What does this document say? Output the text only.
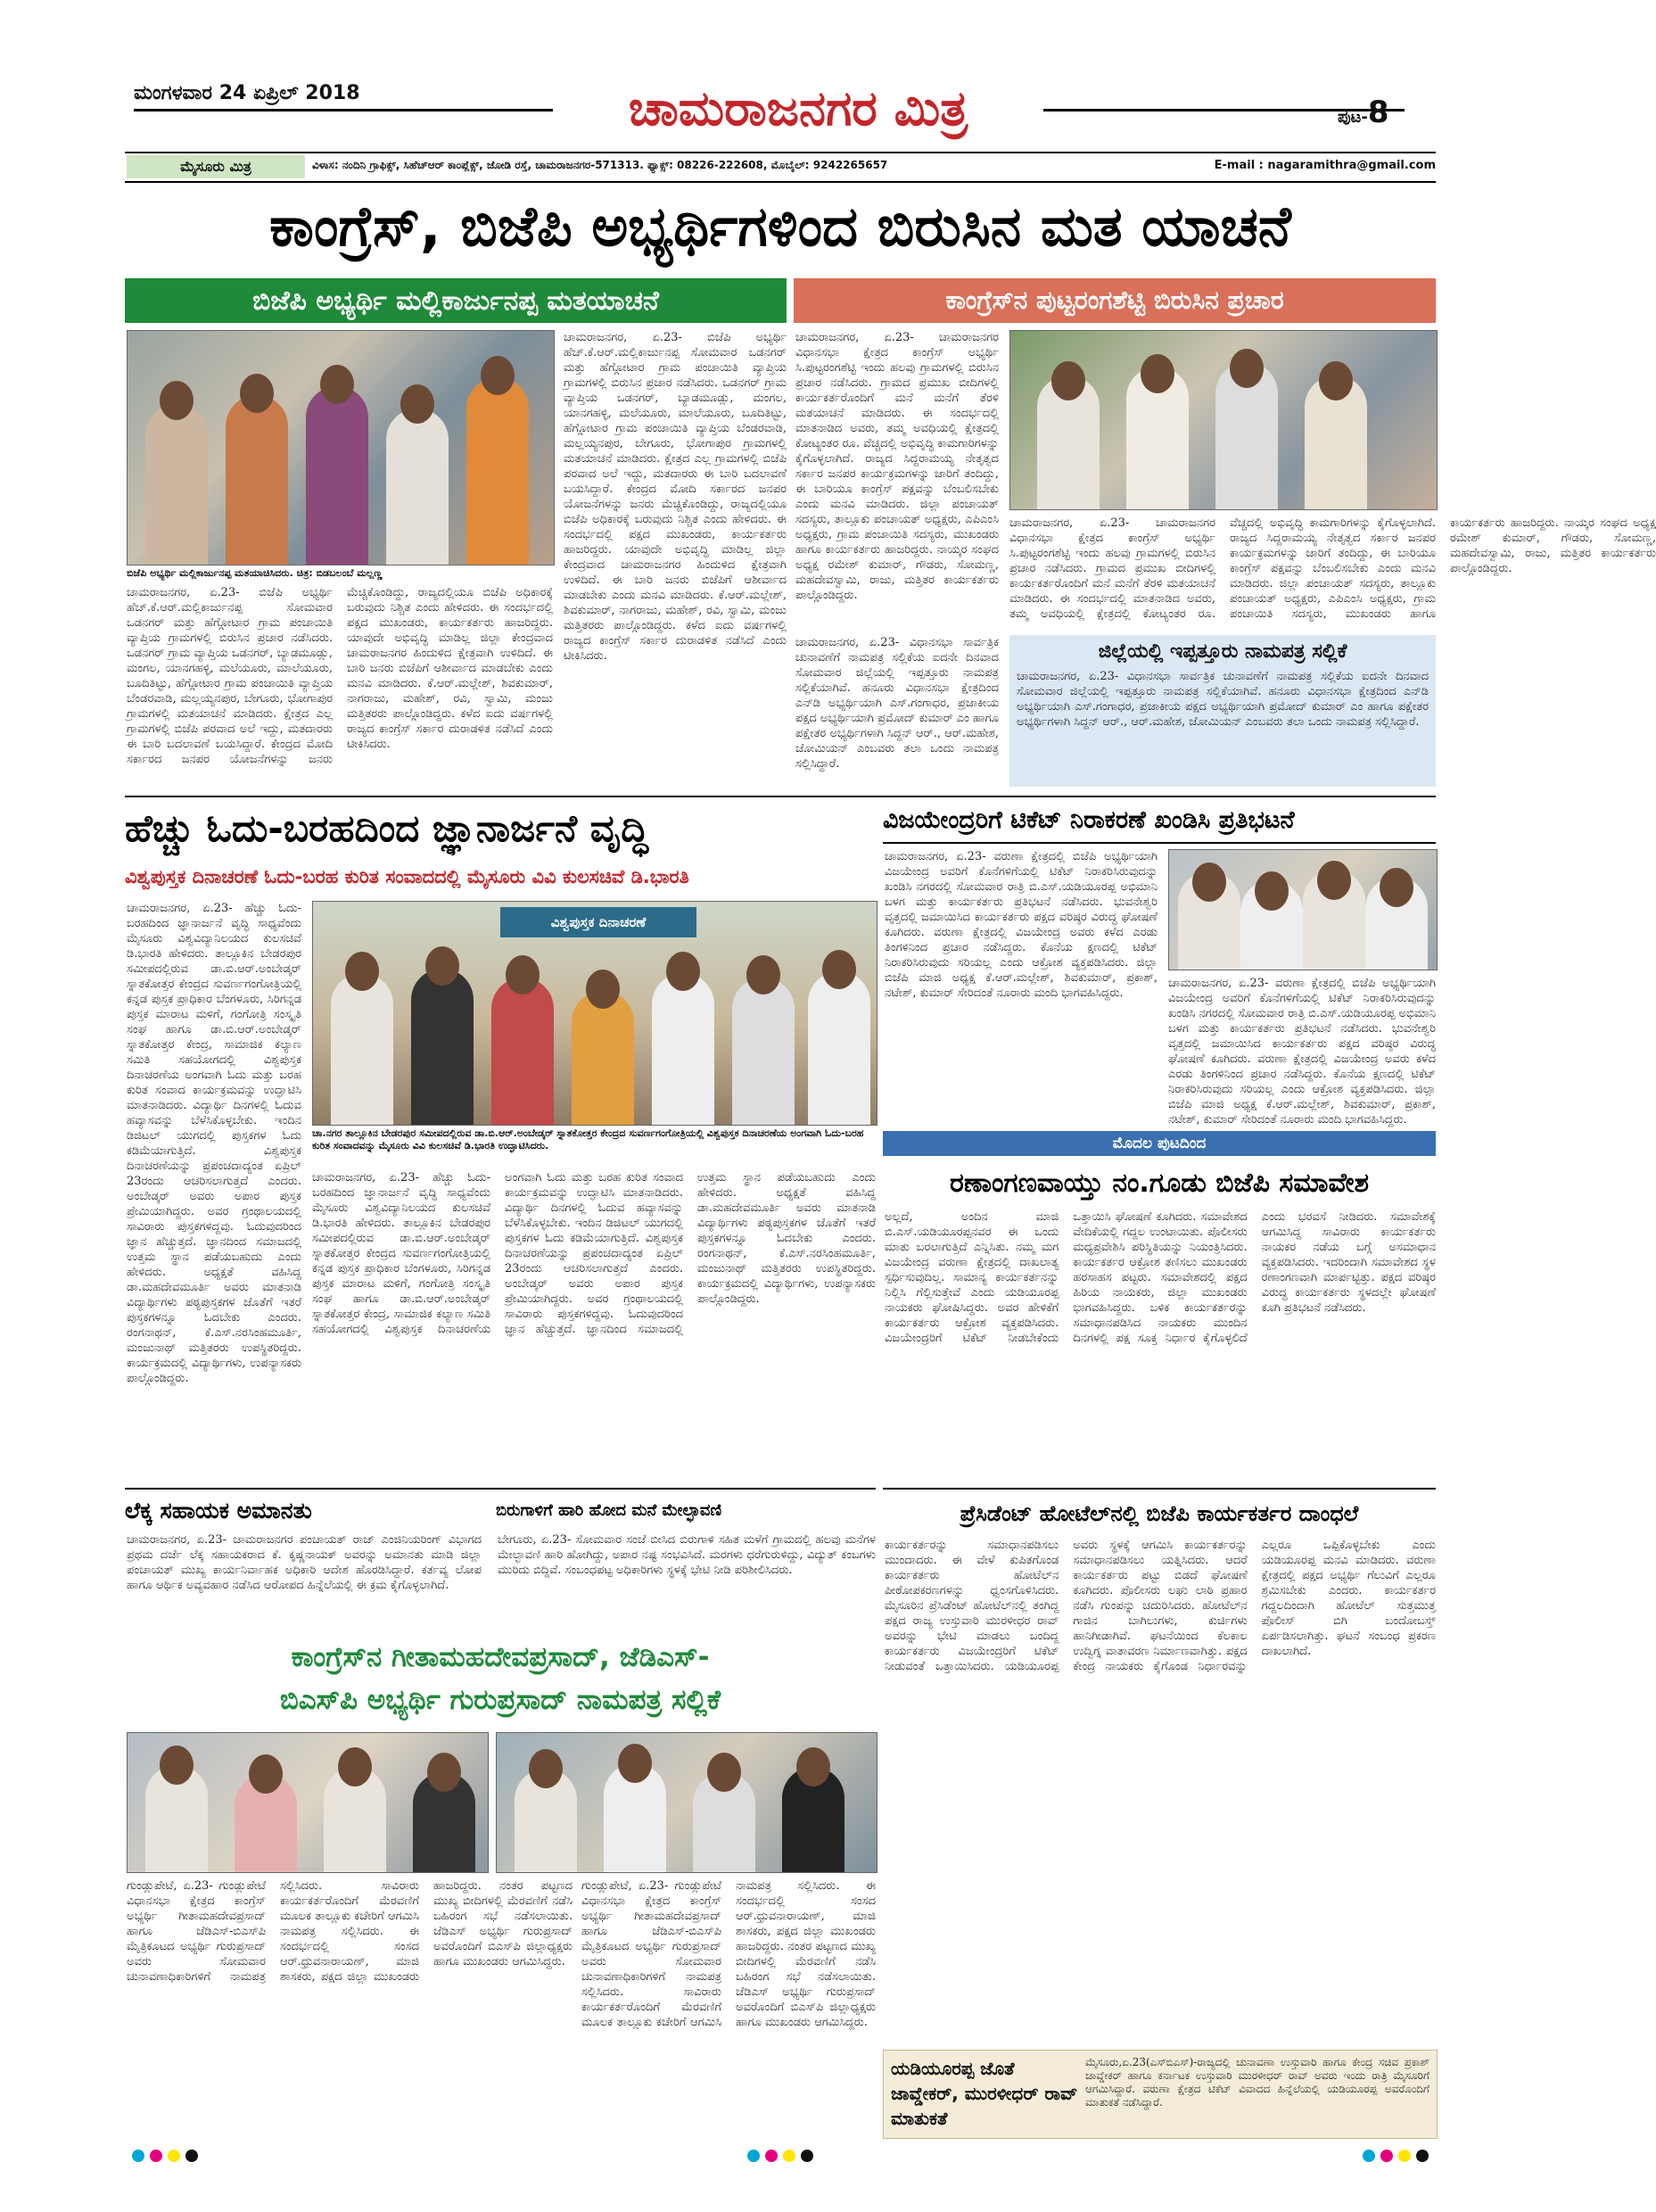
ಮಂಗಳವಾರ 24 ಏಪ್ರಿಲ್ 2018	ಚಾಮರಾಜನಗರ ಮಿತ್ರ	ಪುಟ-8
ಮೈಸೂರು ಮಿತ್ರ	ವಿಳಾಸ: ನಂದಿನಿ ಗ್ರಾಫಿಕ್ಸ್, ಸಿಹೆಚ್‌ಆರ್ ಕಾಂಪ್ಲೆಕ್ಸ್, ಜೋಡಿ ರಸ್ತೆ, ಚಾಮರಾಜನಗರ-571313. ಫ್ಯಾಕ್ಸ್: 08226-222608, ಮೊಬೈಲ್: 9242265657	E-mail : nagaramithra@gmail.com
ಕಾಂಗ್ರೆಸ್, ಬಿಜೆಪಿ ಅಭ್ಯರ್ಥಿಗಳಿಂದ ಬಿರುಸಿನ ಮತ ಯಾಚನೆ
ಬಿಜೆಪಿ ಅಭ್ಯರ್ಥಿ ಮಲ್ಲಿಕಾರ್ಜುನಪ್ಪ ಮತಯಾಚನೆ
ಬಿಜೆಪಿ ಅಭ್ಯರ್ಥಿ ಮಲ್ಲಿಕಾರ್ಜುನಪ್ಪ ಮತಯಾಚಿಸಿದರು. ಚಿತ್ರ: ಬಿಡಬಲಂಬೆ ಮಲ್ಲಣ್ಣ
ಚಾಮರಾಜನಗರ, ಏ.23- ಬಿಜೆಪಿ ಅಭ್ಯರ್ಥಿ ಹೆಚ್.ಕೆ.ಆರ್.ಮಲ್ಲಿಕಾರ್ಜುನಪ್ಪ ಸೋಮವಾರ ಒಡನಗರ್ ಮತ್ತು ಹೆಗ್ಗೋಟಾರ ಗ್ರಾಮ ಪಂಚಾಯಿತಿ ವ್ಯಾಪ್ತಿಯ ಗ್ರಾಮಗಳಲ್ಲಿ ಬಿರುಸಿನ ಪ್ರಚಾರ ನಡೆಸಿದರು. ಒಡನಗರ್ ಗ್ರಾಮ ವ್ಯಾಪ್ತಿಯ ಒಡನಗರ್, ಬ್ಯಾಡಮೂಡ್ಲು, ಮಂಗಲ, ಯಾನಗಹಳ್ಳಿ, ಮಲೆಯೂರು, ಮಾಲೆಯೂರು, ಬೂದಿತಿಟ್ಟು, ಹೆಗ್ಗೋಟಾರ ಗ್ರಾಮ ಪಂಚಾಯಿತಿ ವ್ಯಾಪ್ತಿಯ ಬೆಂಡರವಾಡಿ, ಮಲ್ಲಯ್ಯನಪುರ, ಬೇಗೂರು, ಭೋಗಾಪುರ ಗ್ರಾಮಗಳಲ್ಲಿ ಮತಯಾಚನೆ ಮಾಡಿದರು. ಕ್ಷೇತ್ರದ ಎಲ್ಲ ಗ್ರಾಮಗಳಲ್ಲಿ ಬಿಜೆಪಿ ಪರವಾದ ಅಲೆ ಇದ್ದು, ಮತದಾರರು ಈ ಬಾರಿ ಬದಲಾವಣೆ ಬಯಸಿದ್ದಾರೆ. ಕೇಂದ್ರದ ಮೋದಿ ಸರ್ಕಾರದ ಜನಪರ ಯೋಜನೆಗಳನ್ನು ಜನರು ಮೆಚ್ಚಿಕೊಂಡಿದ್ದು, ರಾಜ್ಯದಲ್ಲಿಯೂ ಬಿಜೆಪಿ ಅಧಿಕಾರಕ್ಕೆ ಬರುವುದು ನಿಶ್ಚಿತ ಎಂದು ಹೇಳಿದರು. ಈ ಸಂದರ್ಭದಲ್ಲಿ ಪಕ್ಷದ ಮುಖಂಡರು, ಕಾರ್ಯಕರ್ತರು ಹಾಜರಿದ್ದರು. ಯಾವುದೇ ಅಭಿವೃದ್ಧಿ ಮಾಡಿಲ್ಲ ಜಿಲ್ಲಾ ಕೇಂದ್ರವಾದ ಚಾಮರಾಜನಗರ ಹಿಂದುಳಿದ ಕ್ಷೇತ್ರವಾಗಿ ಉಳಿದಿದೆ. ಈ ಬಾರಿ ಜನರು ಬಿಜೆಪಿಗೆ ಆಶೀರ್ವಾದ ಮಾಡಬೇಕು ಎಂದು ಮನವಿ ಮಾಡಿದರು. ಕೆ.ಆರ್.ಮಲ್ಲೇಶ್, ಶಿವಕುಮಾರ್, ನಾಗರಾಜು, ಮಹೇಶ್, ರವಿ, ಸ್ವಾಮಿ, ಮಂಜು ಮತ್ತಿತರರು ಪಾಲ್ಗೊಂಡಿದ್ದರು. ಕಳೆದ ಐದು ವರ್ಷಗಳಲ್ಲಿ ರಾಜ್ಯದ ಕಾಂಗ್ರೆಸ್ ಸರ್ಕಾರ ದುರಾಡಳಿತ ನಡೆಸಿದೆ ಎಂದು ಟೀಕಿಸಿದರು.
ಚಾಮರಾಜನಗರ, ಏ.23- ಬಿಜೆಪಿ ಅಭ್ಯರ್ಥಿ ಹೆಚ್.ಕೆ.ಆರ್.ಮಲ್ಲಿಕಾರ್ಜುನಪ್ಪ ಸೋಮವಾರ ಒಡನಗರ್ ಮತ್ತು ಹೆಗ್ಗೋಟಾರ ಗ್ರಾಮ ಪಂಚಾಯಿತಿ ವ್ಯಾಪ್ತಿಯ ಗ್ರಾಮಗಳಲ್ಲಿ ಬಿರುಸಿನ ಪ್ರಚಾರ ನಡೆಸಿದರು. ಒಡನಗರ್ ಗ್ರಾಮ ವ್ಯಾಪ್ತಿಯ ಒಡನಗರ್, ಬ್ಯಾಡಮೂಡ್ಲು, ಮಂಗಲ, ಯಾನಗಹಳ್ಳಿ, ಮಲೆಯೂರು, ಮಾಲೆಯೂರು, ಬೂದಿತಿಟ್ಟು, ಹೆಗ್ಗೋಟಾರ ಗ್ರಾಮ ಪಂಚಾಯಿತಿ ವ್ಯಾಪ್ತಿಯ ಬೆಂಡರವಾಡಿ, ಮಲ್ಲಯ್ಯನಪುರ, ಬೇಗೂರು, ಭೋಗಾಪುರ ಗ್ರಾಮಗಳಲ್ಲಿ ಮತಯಾಚನೆ ಮಾಡಿದರು. ಕ್ಷೇತ್ರದ ಎಲ್ಲ ಗ್ರಾಮಗಳಲ್ಲಿ ಬಿಜೆಪಿ ಪರವಾದ ಅಲೆ ಇದ್ದು, ಮತದಾರರು ಈ ಬಾರಿ ಬದಲಾವಣೆ ಬಯಸಿದ್ದಾರೆ. ಕೇಂದ್ರದ ಮೋದಿ ಸರ್ಕಾರದ ಜನಪರ ಯೋಜನೆಗಳನ್ನು ಜನರು ಮೆಚ್ಚಿಕೊಂಡಿದ್ದು, ರಾಜ್ಯದಲ್ಲಿಯೂ ಬಿಜೆಪಿ ಅಧಿಕಾರಕ್ಕೆ ಬರುವುದು ನಿಶ್ಚಿತ ಎಂದು ಹೇಳಿದರು. ಈ ಸಂದರ್ಭದಲ್ಲಿ ಪಕ್ಷದ ಮುಖಂಡರು, ಕಾರ್ಯಕರ್ತರು ಹಾಜರಿದ್ದರು. ಯಾವುದೇ ಅಭಿವೃದ್ಧಿ ಮಾಡಿಲ್ಲ ಜಿಲ್ಲಾ ಕೇಂದ್ರವಾದ ಚಾಮರಾಜನಗರ ಹಿಂದುಳಿದ ಕ್ಷೇತ್ರವಾಗಿ ಉಳಿದಿದೆ. ಈ ಬಾರಿ ಜನರು ಬಿಜೆಪಿಗೆ ಆಶೀರ್ವಾದ ಮಾಡಬೇಕು ಎಂದು ಮನವಿ ಮಾಡಿದರು. ಕೆ.ಆರ್.ಮಲ್ಲೇಶ್, ಶಿವಕುಮಾರ್, ನಾಗರಾಜು, ಮಹೇಶ್, ರವಿ, ಸ್ವಾಮಿ, ಮಂಜು ಮತ್ತಿತರರು ಪಾಲ್ಗೊಂಡಿದ್ದರು. ಕಳೆದ ಐದು ವರ್ಷಗಳಲ್ಲಿ ರಾಜ್ಯದ ಕಾಂಗ್ರೆಸ್ ಸರ್ಕಾರ ದುರಾಡಳಿತ ನಡೆಸಿದೆ ಎಂದು ಟೀಕಿಸಿದರು.
ಕಾಂಗ್ರೆಸ್‌ನ ಪುಟ್ಟರಂಗಶೆಟ್ಟಿ ಬಿರುಸಿನ ಪ್ರಚಾರ
ಚಾಮರಾಜನಗರ, ಏ.23- ಚಾಮರಾಜನಗರ ವಿಧಾನಸಭಾ ಕ್ಷೇತ್ರದ ಕಾಂಗ್ರೆಸ್ ಅಭ್ಯರ್ಥಿ ಸಿ.ಪುಟ್ಟರಂಗಶೆಟ್ಟಿ ಇಂದು ಹಲವು ಗ್ರಾಮಗಳಲ್ಲಿ ಬಿರುಸಿನ ಪ್ರಚಾರ ನಡೆಸಿದರು. ಗ್ರಾಮದ ಪ್ರಮುಖ ಬೀದಿಗಳಲ್ಲಿ ಕಾರ್ಯಕರ್ತರೊಂದಿಗೆ ಮನೆ ಮನೆಗೆ ತೆರಳಿ ಮತಯಾಚನೆ ಮಾಡಿದರು. ಈ ಸಂದರ್ಭದಲ್ಲಿ ಮಾತನಾಡಿದ ಅವರು, ತಮ್ಮ ಅವಧಿಯಲ್ಲಿ ಕ್ಷೇತ್ರದಲ್ಲಿ ಕೋಟ್ಯಂತರ ರೂ. ವೆಚ್ಚದಲ್ಲಿ ಅಭಿವೃದ್ಧಿ ಕಾಮಗಾರಿಗಳನ್ನು ಕೈಗೊಳ್ಳಲಾಗಿದೆ. ರಾಜ್ಯದ ಸಿದ್ದರಾಮಯ್ಯ ನೇತೃತ್ವದ ಸರ್ಕಾರ ಜನಪರ ಕಾರ್ಯಕ್ರಮಗಳನ್ನು ಜಾರಿಗೆ ತಂದಿದ್ದು, ಈ ಬಾರಿಯೂ ಕಾಂಗ್ರೆಸ್ ಪಕ್ಷವನ್ನು ಬೆಂಬಲಿಸಬೇಕು ಎಂದು ಮನವಿ ಮಾಡಿದರು. ಜಿಲ್ಲಾ ಪಂಚಾಯತ್ ಸದಸ್ಯರು, ತಾಲ್ಲೂಕು ಪಂಚಾಯತ್ ಅಧ್ಯಕ್ಷರು, ಎಪಿಎಂಸಿ ಅಧ್ಯಕ್ಷರು, ಗ್ರಾಮ ಪಂಚಾಯಿತಿ ಸದಸ್ಯರು, ಮುಖಂಡರು ಹಾಗೂ ಕಾರ್ಯಕರ್ತರು ಹಾಜರಿದ್ದರು. ನಾಯ್ಕರ ಸಂಘದ ಅಧ್ಯಕ್ಷ ರಮೇಶ್ ಕುಮಾರ್, ಗೌಡರು, ಸೋಮಣ್ಣ, ಮಹದೇವಸ್ವಾಮಿ, ರಾಜು, ಮತ್ತಿತರ ಕಾರ್ಯಕರ್ತರು ಪಾಲ್ಗೊಂಡಿದ್ದರು.
ಚಾಮರಾಜನಗರ, ಏ.23- ಚಾಮರಾಜನಗರ ವಿಧಾನಸಭಾ ಕ್ಷೇತ್ರದ ಕಾಂಗ್ರೆಸ್ ಅಭ್ಯರ್ಥಿ ಸಿ.ಪುಟ್ಟರಂಗಶೆಟ್ಟಿ ಇಂದು ಹಲವು ಗ್ರಾಮಗಳಲ್ಲಿ ಬಿರುಸಿನ ಪ್ರಚಾರ ನಡೆಸಿದರು. ಗ್ರಾಮದ ಪ್ರಮುಖ ಬೀದಿಗಳಲ್ಲಿ ಕಾರ್ಯಕರ್ತರೊಂದಿಗೆ ಮನೆ ಮನೆಗೆ ತೆರಳಿ ಮತಯಾಚನೆ ಮಾಡಿದರು. ಈ ಸಂದರ್ಭದಲ್ಲಿ ಮಾತನಾಡಿದ ಅವರು, ತಮ್ಮ ಅವಧಿಯಲ್ಲಿ ಕ್ಷೇತ್ರದಲ್ಲಿ ಕೋಟ್ಯಂತರ ರೂ. ವೆಚ್ಚದಲ್ಲಿ ಅಭಿವೃದ್ಧಿ ಕಾಮಗಾರಿಗಳನ್ನು ಕೈಗೊಳ್ಳಲಾಗಿದೆ. ರಾಜ್ಯದ ಸಿದ್ದರಾಮಯ್ಯ ನೇತೃತ್ವದ ಸರ್ಕಾರ ಜನಪರ ಕಾರ್ಯಕ್ರಮಗಳನ್ನು ಜಾರಿಗೆ ತಂದಿದ್ದು, ಈ ಬಾರಿಯೂ ಕಾಂಗ್ರೆಸ್ ಪಕ್ಷವನ್ನು ಬೆಂಬಲಿಸಬೇಕು ಎಂದು ಮನವಿ ಮಾಡಿದರು. ಜಿಲ್ಲಾ ಪಂಚಾಯತ್ ಸದಸ್ಯರು, ತಾಲ್ಲೂಕು ಪಂಚಾಯತ್ ಅಧ್ಯಕ್ಷರು, ಎಪಿಎಂಸಿ ಅಧ್ಯಕ್ಷರು, ಗ್ರಾಮ ಪಂಚಾಯಿತಿ ಸದಸ್ಯರು, ಮುಖಂಡರು ಹಾಗೂ ಕಾರ್ಯಕರ್ತರು ಹಾಜರಿದ್ದರು. ನಾಯ್ಕರ ಸಂಘದ ಅಧ್ಯಕ್ಷ ರಮೇಶ್ ಕುಮಾರ್, ಗೌಡರು, ಸೋಮಣ್ಣ, ಮಹದೇವಸ್ವಾಮಿ, ರಾಜು, ಮತ್ತಿತರ ಕಾರ್ಯಕರ್ತರು ಪಾಲ್ಗೊಂಡಿದ್ದರು.
ಜಿಲ್ಲೆಯಲ್ಲಿ ಇಪ್ಪತ್ತೂರು ನಾಮಪತ್ರ ಸಲ್ಲಿಕೆ
ಚಾಮರಾಜನಗರ, ಏ.23- ವಿಧಾನಸಭಾ ಸಾರ್ವತ್ರಿಕ ಚುನಾವಣೆಗೆ ನಾಮಪತ್ರ ಸಲ್ಲಿಕೆಯ ಐದನೇ ದಿನವಾದ ಸೋಮವಾರ ಜಿಲ್ಲೆಯಲ್ಲಿ ಇಪ್ಪತ್ತೂರು ನಾಮಪತ್ರ ಸಲ್ಲಿಕೆಯಾಗಿವೆ. ಹನೂರು ವಿಧಾನಸಭಾ ಕ್ಷೇತ್ರದಿಂದ ಎನ್‌ಡಿ ಅಭ್ಯರ್ಥಿಯಾಗಿ ಎಸ್.ಗಂಗಾಧರ, ಪ್ರಜಾಕೀಯ ಪಕ್ಷದ ಅಭ್ಯರ್ಥಿಯಾಗಿ ಪ್ರಮೋದ್ ಕುಮಾರ್ ಎಂ ಹಾಗೂ ಪಕ್ಷೇತರ ಅಭ್ಯರ್ಥಿಗಳಾಗಿ ಸಿದ್ದನ್ ಆರ್., ಆರ್.ಮಹೇಶ, ಜೋಮಿಯನ್ ಎಂಬವರು ತಲಾ ಒಂದು ನಾಮಪತ್ರ ಸಲ್ಲಿಸಿದ್ದಾರೆ.
ಚಾಮರಾಜನಗರ, ಏ.23- ವಿಧಾನಸಭಾ ಸಾರ್ವತ್ರಿಕ ಚುನಾವಣೆಗೆ ನಾಮಪತ್ರ ಸಲ್ಲಿಕೆಯ ಐದನೇ ದಿನವಾದ ಸೋಮವಾರ ಜಿಲ್ಲೆಯಲ್ಲಿ ಇಪ್ಪತ್ತೂರು ನಾಮಪತ್ರ ಸಲ್ಲಿಕೆಯಾಗಿವೆ. ಹನೂರು ವಿಧಾನಸಭಾ ಕ್ಷೇತ್ರದಿಂದ ಎನ್‌ಡಿ ಅಭ್ಯರ್ಥಿಯಾಗಿ ಎಸ್.ಗಂಗಾಧರ, ಪ್ರಜಾಕೀಯ ಪಕ್ಷದ ಅಭ್ಯರ್ಥಿಯಾಗಿ ಪ್ರಮೋದ್ ಕುಮಾರ್ ಎಂ ಹಾಗೂ ಪಕ್ಷೇತರ ಅಭ್ಯರ್ಥಿಗಳಾಗಿ ಸಿದ್ದನ್ ಆರ್., ಆರ್.ಮಹೇಶ, ಜೋಮಿಯನ್ ಎಂಬವರು ತಲಾ ಒಂದು ನಾಮಪತ್ರ ಸಲ್ಲಿಸಿದ್ದಾರೆ.
ಹೆಚ್ಚು ಓದು-ಬರಹದಿಂದ ಜ್ಞಾನಾರ್ಜನೆ ವೃದ್ಧಿ
ವಿಶ್ವಪುಸ್ತಕ ದಿನಾಚರಣೆ ಓದು-ಬರಹ ಕುರಿತ ಸಂವಾದದಲ್ಲಿ ಮೈಸೂರು ವಿವಿ ಕುಲಸಚಿವೆ ಡಿ.ಭಾರತಿ
ಚಾಮರಾಜನಗರ, ಏ.23- ಹೆಚ್ಚು ಓದು-ಬರಹದಿಂದ ಜ್ಞಾನಾರ್ಜನೆ ವೃದ್ಧಿ ಸಾಧ್ಯವೆಂದು ಮೈಸೂರು ವಿಶ್ವವಿದ್ಯಾನಿಲಯದ ಕುಲಸಚಿವೆ ಡಿ.ಭಾರತಿ ಹೇಳಿದರು. ತಾಲ್ಲೂಕಿನ ಬೇಡರಪುರ ಸಮೀಪದಲ್ಲಿರುವ ಡಾ.ಬಿ.ಆರ್.ಅಂಬೇಡ್ಕರ್ ಸ್ನಾತಕೋತ್ತರ ಕೇಂದ್ರದ ಸುವರ್ಣಗಂಗೋತ್ರಿಯಲ್ಲಿ ಕನ್ನಡ ಪುಸ್ತಕ ಪ್ರಾಧಿಕಾರ ಬೆಂಗಳೂರು, ಸಿರಿಗನ್ನಡ ಪುಸ್ತಕ ಮಾರಾಟ ಮಳಿಗೆ, ಗಂಗೋತ್ರಿ ಸಂಸ್ಕೃತಿ ಸಂಘ ಹಾಗೂ ಡಾ.ಬಿ.ಆರ್.ಅಂಬೇಡ್ಕರ್ ಸ್ನಾತಕೋತ್ತರ ಕೇಂದ್ರ, ಸಾಮಾಜಿಕ ಕಲ್ಯಾಣ ಸಮಿತಿ ಸಹಯೋಗದಲ್ಲಿ ವಿಶ್ವಪುಸ್ತಕ ದಿನಾಚರಣೆಯ ಅಂಗವಾಗಿ ಓದು ಮತ್ತು ಬರಹ ಕುರಿತ ಸಂವಾದ ಕಾರ್ಯಕ್ರಮವನ್ನು ಉದ್ಘಾಟಿಸಿ ಮಾತನಾಡಿದರು. ವಿದ್ಯಾರ್ಥಿ ದಿನಗಳಲ್ಲಿ ಓದುವ ಹವ್ಯಾಸವನ್ನು ಬೆಳೆಸಿಕೊಳ್ಳಬೇಕು. ಇಂದಿನ ಡಿಜಿಟಲ್ ಯುಗದಲ್ಲಿ ಪುಸ್ತಕಗಳ ಓದು ಕಡಿಮೆಯಾಗುತ್ತಿದೆ. ವಿಶ್ವಪುಸ್ತಕ ದಿನಾಚರಣೆಯನ್ನು ಪ್ರಪಂಚದಾದ್ಯಂತ ಏಪ್ರಿಲ್ 23ರಂದು ಆಚರಿಸಲಾಗುತ್ತದೆ ಎಂದರು. ಅಂಬೇಡ್ಕರ್ ಅವರು ಅಪಾರ ಪುಸ್ತಕ ಪ್ರೇಮಿಯಾಗಿದ್ದರು. ಅವರ ಗ್ರಂಥಾಲಯದಲ್ಲಿ ಸಾವಿರಾರು ಪುಸ್ತಕಗಳಿದ್ದವು. ಓದುವುದರಿಂದ ಜ್ಞಾನ ಹೆಚ್ಚುತ್ತದೆ. ಜ್ಞಾನದಿಂದ ಸಮಾಜದಲ್ಲಿ ಉತ್ತಮ ಸ್ಥಾನ ಪಡೆಯಬಹುದು ಎಂದು ಹೇಳಿದರು. ಅಧ್ಯಕ್ಷತೆ ವಹಿಸಿದ್ದ ಡಾ.ಮಹದೇವಮೂರ್ತಿ ಅವರು ಮಾತನಾಡಿ ವಿದ್ಯಾರ್ಥಿಗಳು ಪಠ್ಯಪುಸ್ತಕಗಳ ಜೊತೆಗೆ ಇತರೆ ಪುಸ್ತಕಗಳನ್ನೂ ಓದಬೇಕು ಎಂದರು. ರಂಗನಾಥನ್, ಕೆ.ಎಸ್.ನರಸಿಂಹಮೂರ್ತಿ, ಮಂಜುನಾಥ್ ಮತ್ತಿತರರು ಉಪಸ್ಥಿತರಿದ್ದರು. ಕಾರ್ಯಕ್ರಮದಲ್ಲಿ ವಿದ್ಯಾರ್ಥಿಗಳು, ಉಪನ್ಯಾಸಕರು ಪಾಲ್ಗೊಂಡಿದ್ದರು.
ವಿಶ್ವಪುಸ್ತಕ ದಿನಾಚರಣೆ
ಚಾ.ನಗರ ತಾಲ್ಲೂಕಿನ ಬೇಡರಪುರ ಸಮೀಪದಲ್ಲಿರುವ ಡಾ.ಬಿ.ಆರ್.ಅಂಬೇಡ್ಕರ್ ಸ್ನಾತಕೋತ್ತರ ಕೇಂದ್ರದ ಸುವರ್ಣಗಂಗೋತ್ರಿಯಲ್ಲಿ ವಿಶ್ವಪುಸ್ತಕ ದಿನಾಚರಣೆಯ ಅಂಗವಾಗಿ ಓದು-ಬರಹ ಕುರಿತ ಸಂವಾದವನ್ನು ಮೈಸೂರು ವಿವಿ ಕುಲಸಚಿವೆ ಡಿ.ಭಾರತಿ ಉದ್ಘಾಟಿಸಿದರು.
ಚಾಮರಾಜನಗರ, ಏ.23- ಹೆಚ್ಚು ಓದು-ಬರಹದಿಂದ ಜ್ಞಾನಾರ್ಜನೆ ವೃದ್ಧಿ ಸಾಧ್ಯವೆಂದು ಮೈಸೂರು ವಿಶ್ವವಿದ್ಯಾನಿಲಯದ ಕುಲಸಚಿವೆ ಡಿ.ಭಾರತಿ ಹೇಳಿದರು. ತಾಲ್ಲೂಕಿನ ಬೇಡರಪುರ ಸಮೀಪದಲ್ಲಿರುವ ಡಾ.ಬಿ.ಆರ್.ಅಂಬೇಡ್ಕರ್ ಸ್ನಾತಕೋತ್ತರ ಕೇಂದ್ರದ ಸುವರ್ಣಗಂಗೋತ್ರಿಯಲ್ಲಿ ಕನ್ನಡ ಪುಸ್ತಕ ಪ್ರಾಧಿಕಾರ ಬೆಂಗಳೂರು, ಸಿರಿಗನ್ನಡ ಪುಸ್ತಕ ಮಾರಾಟ ಮಳಿಗೆ, ಗಂಗೋತ್ರಿ ಸಂಸ್ಕೃತಿ ಸಂಘ ಹಾಗೂ ಡಾ.ಬಿ.ಆರ್.ಅಂಬೇಡ್ಕರ್ ಸ್ನಾತಕೋತ್ತರ ಕೇಂದ್ರ, ಸಾಮಾಜಿಕ ಕಲ್ಯಾಣ ಸಮಿತಿ ಸಹಯೋಗದಲ್ಲಿ ವಿಶ್ವಪುಸ್ತಕ ದಿನಾಚರಣೆಯ ಅಂಗವಾಗಿ ಓದು ಮತ್ತು ಬರಹ ಕುರಿತ ಸಂವಾದ ಕಾರ್ಯಕ್ರಮವನ್ನು ಉದ್ಘಾಟಿಸಿ ಮಾತನಾಡಿದರು. ವಿದ್ಯಾರ್ಥಿ ದಿನಗಳಲ್ಲಿ ಓದುವ ಹವ್ಯಾಸವನ್ನು ಬೆಳೆಸಿಕೊಳ್ಳಬೇಕು. ಇಂದಿನ ಡಿಜಿಟಲ್ ಯುಗದಲ್ಲಿ ಪುಸ್ತಕಗಳ ಓದು ಕಡಿಮೆಯಾಗುತ್ತಿದೆ. ವಿಶ್ವಪುಸ್ತಕ ದಿನಾಚರಣೆಯನ್ನು ಪ್ರಪಂಚದಾದ್ಯಂತ ಏಪ್ರಿಲ್ 23ರಂದು ಆಚರಿಸಲಾಗುತ್ತದೆ ಎಂದರು. ಅಂಬೇಡ್ಕರ್ ಅವರು ಅಪಾರ ಪುಸ್ತಕ ಪ್ರೇಮಿಯಾಗಿದ್ದರು. ಅವರ ಗ್ರಂಥಾಲಯದಲ್ಲಿ ಸಾವಿರಾರು ಪುಸ್ತಕಗಳಿದ್ದವು. ಓದುವುದರಿಂದ ಜ್ಞಾನ ಹೆಚ್ಚುತ್ತದೆ. ಜ್ಞಾನದಿಂದ ಸಮಾಜದಲ್ಲಿ ಉತ್ತಮ ಸ್ಥಾನ ಪಡೆಯಬಹುದು ಎಂದು ಹೇಳಿದರು. ಅಧ್ಯಕ್ಷತೆ ವಹಿಸಿದ್ದ ಡಾ.ಮಹದೇವಮೂರ್ತಿ ಅವರು ಮಾತನಾಡಿ ವಿದ್ಯಾರ್ಥಿಗಳು ಪಠ್ಯಪುಸ್ತಕಗಳ ಜೊತೆಗೆ ಇತರೆ ಪುಸ್ತಕಗಳನ್ನೂ ಓದಬೇಕು ಎಂದರು. ರಂಗನಾಥನ್, ಕೆ.ಎಸ್.ನರಸಿಂಹಮೂರ್ತಿ, ಮಂಜುನಾಥ್ ಮತ್ತಿತರರು ಉಪಸ್ಥಿತರಿದ್ದರು. ಕಾರ್ಯಕ್ರಮದಲ್ಲಿ ವಿದ್ಯಾರ್ಥಿಗಳು, ಉಪನ್ಯಾಸಕರು ಪಾಲ್ಗೊಂಡಿದ್ದರು.
ವಿಜಯೇಂದ್ರರಿಗೆ ಟಿಕೆಟ್ ನಿರಾಕರಣೆ ಖಂಡಿಸಿ ಪ್ರತಿಭಟನೆ
ಚಾಮರಾಜನಗರ, ಏ.23- ವರುಣಾ ಕ್ಷೇತ್ರದಲ್ಲಿ ಬಿಜೆಪಿ ಅಭ್ಯರ್ಥಿಯಾಗಿ ವಿಜಯೇಂದ್ರ ಅವರಿಗೆ ಕೊನೆಗಳಿಗೆಯಲ್ಲಿ ಟಿಕೆಟ್ ನಿರಾಕರಿಸಿರುವುದನ್ನು ಖಂಡಿಸಿ ನಗರದಲ್ಲಿ ಸೋಮವಾರ ರಾತ್ರಿ ಬಿ.ಎಸ್.ಯಡಿಯೂರಪ್ಪ ಅಭಿಮಾನಿ ಬಳಗ ಮತ್ತು ಕಾರ್ಯಕರ್ತರು ಪ್ರತಿಭಟನೆ ನಡೆಸಿದರು. ಭುವನೇಶ್ವರಿ ವೃತ್ತದಲ್ಲಿ ಜಮಾಯಿಸಿದ ಕಾರ್ಯಕರ್ತರು ಪಕ್ಷದ ವರಿಷ್ಠರ ವಿರುದ್ಧ ಘೋಷಣೆ ಕೂಗಿದರು. ವರುಣಾ ಕ್ಷೇತ್ರದಲ್ಲಿ ವಿಜಯೇಂದ್ರ ಅವರು ಕಳೆದ ಎರಡು ತಿಂಗಳಿನಿಂದ ಪ್ರಚಾರ ನಡೆಸಿದ್ದರು. ಕೊನೆಯ ಕ್ಷಣದಲ್ಲಿ ಟಿಕೆಟ್ ನಿರಾಕರಿಸಿರುವುದು ಸರಿಯಲ್ಲ ಎಂದು ಆಕ್ರೋಶ ವ್ಯಕ್ತಪಡಿಸಿದರು. ಜಿಲ್ಲಾ ಬಿಜೆಪಿ ಮಾಜಿ ಅಧ್ಯಕ್ಷ ಕೆ.ಆರ್.ಮಲ್ಲೇಶ್, ಶಿವಕುಮಾರ್, ಪ್ರಕಾಶ್, ನಟೇಶ್, ಕುಮಾರ್ ಸೇರಿದಂತೆ ನೂರಾರು ಮಂದಿ ಭಾಗವಹಿಸಿದ್ದರು.
ಚಾಮರಾಜನಗರ, ಏ.23- ವರುಣಾ ಕ್ಷೇತ್ರದಲ್ಲಿ ಬಿಜೆಪಿ ಅಭ್ಯರ್ಥಿಯಾಗಿ ವಿಜಯೇಂದ್ರ ಅವರಿಗೆ ಕೊನೆಗಳಿಗೆಯಲ್ಲಿ ಟಿಕೆಟ್ ನಿರಾಕರಿಸಿರುವುದನ್ನು ಖಂಡಿಸಿ ನಗರದಲ್ಲಿ ಸೋಮವಾರ ರಾತ್ರಿ ಬಿ.ಎಸ್.ಯಡಿಯೂರಪ್ಪ ಅಭಿಮಾನಿ ಬಳಗ ಮತ್ತು ಕಾರ್ಯಕರ್ತರು ಪ್ರತಿಭಟನೆ ನಡೆಸಿದರು. ಭುವನೇಶ್ವರಿ ವೃತ್ತದಲ್ಲಿ ಜಮಾಯಿಸಿದ ಕಾರ್ಯಕರ್ತರು ಪಕ್ಷದ ವರಿಷ್ಠರ ವಿರುದ್ಧ ಘೋಷಣೆ ಕೂಗಿದರು. ವರುಣಾ ಕ್ಷೇತ್ರದಲ್ಲಿ ವಿಜಯೇಂದ್ರ ಅವರು ಕಳೆದ ಎರಡು ತಿಂಗಳಿನಿಂದ ಪ್ರಚಾರ ನಡೆಸಿದ್ದರು. ಕೊನೆಯ ಕ್ಷಣದಲ್ಲಿ ಟಿಕೆಟ್ ನಿರಾಕರಿಸಿರುವುದು ಸರಿಯಲ್ಲ ಎಂದು ಆಕ್ರೋಶ ವ್ಯಕ್ತಪಡಿಸಿದರು. ಜಿಲ್ಲಾ ಬಿಜೆಪಿ ಮಾಜಿ ಅಧ್ಯಕ್ಷ ಕೆ.ಆರ್.ಮಲ್ಲೇಶ್, ಶಿವಕುಮಾರ್, ಪ್ರಕಾಶ್, ನಟೇಶ್, ಕುಮಾರ್ ಸೇರಿದಂತೆ ನೂರಾರು ಮಂದಿ ಭಾಗವಹಿಸಿದ್ದರು.
ಮೊದಲ ಪುಟದಿಂದ
ರಣಾಂಗಣವಾಯ್ತು ನಂ.ಗೂಡು ಬಿಜೆಪಿ ಸಮಾವೇಶ
ಅಲ್ಲದೆ, ಅಂದಿನ ಮಾಜಿ ಬಿ.ಎಸ್.ಯಡಿಯೂರಪ್ಪನವರ ಈ ಒಂದು ಮಾತು ಬರಲಾಗುತ್ತಿದೆ ಎನ್ನಿಸಿತು. ನಮ್ಮ ಮಗ ವಿಜಯೇಂದ್ರ ವರುಣಾ ಕ್ಷೇತ್ರದಲ್ಲಿ ದಾಖಲಾತ್ಯ ಸ್ಪರ್ಧಿಸುವುದಿಲ್ಲ. ಸಾಮಾನ್ಯ ಕಾರ್ಯಕರ್ತನನ್ನು ನಿಲ್ಲಿಸಿ ಗೆಲ್ಲಿಸುತ್ತೇವೆ ಎಂದು ಯಡಿಯೂರಪ್ಪ ನಾಯಕರು ಘೋಷಿಸಿದ್ದರು. ಅವರ ಹೇಳಿಕೆಗೆ ಕಾರ್ಯಕರ್ತರು ಆಕ್ರೋಶ ವ್ಯಕ್ತಪಡಿಸಿದರು. ವಿಜಯೇಂದ್ರರಿಗೆ ಟಿಕೆಟ್ ನೀಡಬೇಕೆಂದು ಒತ್ತಾಯಿಸಿ ಘೋಷಣೆ ಕೂಗಿದರು. ಸಮಾವೇಶದ ವೇದಿಕೆಯಲ್ಲಿ ಗದ್ದಲ ಉಂಟಾಯಿತು. ಪೊಲೀಸರು ಮಧ್ಯಪ್ರವೇಶಿಸಿ ಪರಿಸ್ಥಿತಿಯನ್ನು ನಿಯಂತ್ರಿಸಿದರು. ಕಾರ್ಯಕರ್ತರ ಆಕ್ರೋಶ ತಣಿಸಲು ಮುಖಂಡರು ಹರಸಾಹಸ ಪಟ್ಟರು. ಸಮಾವೇಶದಲ್ಲಿ ಪಕ್ಷದ ಹಿರಿಯ ನಾಯಕರು, ಜಿಲ್ಲಾ ಮುಖಂಡರು ಭಾಗವಹಿಸಿದ್ದರು. ಬಳಿಕ ಕಾರ್ಯಕರ್ತರನ್ನು ಸಮಾಧಾನಪಡಿಸಿದ ನಾಯಕರು ಮುಂದಿನ ದಿನಗಳಲ್ಲಿ ಪಕ್ಷ ಸೂಕ್ತ ನಿರ್ಧಾರ ಕೈಗೊಳ್ಳಲಿದೆ ಎಂದು ಭರವಸೆ ನೀಡಿದರು. ಸಮಾವೇಶಕ್ಕೆ ಆಗಮಿಸಿದ್ದ ಸಾವಿರಾರು ಕಾರ್ಯಕರ್ತರು ನಾಯಕರ ನಡೆಯ ಬಗ್ಗೆ ಅಸಮಾಧಾನ ವ್ಯಕ್ತಪಡಿಸಿದರು. ಇದರಿಂದಾಗಿ ಸಮಾವೇಶದ ಸ್ಥಳ ರಣಾಂಗಣವಾಗಿ ಮಾರ್ಪಟ್ಟಿತ್ತು. ಪಕ್ಷದ ವರಿಷ್ಠರ ವಿರುದ್ಧ ಕಾರ್ಯಕರ್ತರು ಸ್ಥಳದಲ್ಲೇ ಘೋಷಣೆ ಕೂಗಿ ಪ್ರತಿಭಟನೆ ನಡೆಸಿದರು.
ಲೆಕ್ಕ ಸಹಾಯಕ ಅಮಾನತು
ಚಾಮರಾಜನಗರ, ಏ.23- ಚಾಮರಾಜನಗರ ಪಂಚಾಯತ್ ರಾಜ್ ಎಂಜಿನಿಯರಿಂಗ್ ವಿಭಾಗದ ಪ್ರಥಮ ದರ್ಜೆ ಲೆಕ್ಕ ಸಹಾಯಕರಾದ ಕೆ. ಕೃಷ್ಣನಾಯಕ್ ಅವರನ್ನು ಅಮಾನತು ಮಾಡಿ ಜಿಲ್ಲಾ ಪಂಚಾಯತ್ ಮುಖ್ಯ ಕಾರ್ಯನಿರ್ವಾಹಕ ಅಧಿಕಾರಿ ಆದೇಶ ಹೊರಡಿಸಿದ್ದಾರೆ. ಕರ್ತವ್ಯ ಲೋಪ ಹಾಗೂ ಆರ್ಥಿಕ ಅವ್ಯವಹಾರ ನಡೆಸಿದ ಆರೋಪದ ಹಿನ್ನೆಲೆಯಲ್ಲಿ ಈ ಕ್ರಮ ಕೈಗೊಳ್ಳಲಾಗಿದೆ.
ಬಿರುಗಾಳಿಗೆ ಹಾರಿ ಹೋದ ಮನೆ ಮೇಲ್ಛಾವಣಿ
ಬೇಗೂರು, ಏ.23- ಸೋಮವಾರ ಸಂಜೆ ಬೀಸಿದ ಬಿರುಗಾಳಿ ಸಹಿತ ಮಳೆಗೆ ಗ್ರಾಮದಲ್ಲಿ ಹಲವು ಮನೆಗಳ ಮೇಲ್ಛಾವಣಿ ಹಾರಿ ಹೋಗಿದ್ದು, ಅಪಾರ ನಷ್ಟ ಸಂಭವಿಸಿದೆ. ಮರಗಳು ಧರೆಗುರುಳಿದ್ದು, ವಿದ್ಯುತ್ ಕಂಬಗಳು ಮುರಿದು ಬಿದ್ದಿವೆ. ಸಂಬಂಧಪಟ್ಟ ಅಧಿಕಾರಿಗಳು ಸ್ಥಳಕ್ಕೆ ಭೇಟಿ ನೀಡಿ ಪರಿಶೀಲಿಸಿದರು.
ಕಾಂಗ್ರೆಸ್‌ನ ಗೀತಾಮಹದೇವಪ್ರಸಾದ್, ಜೆಡಿಎಸ್-
ಬಿಎಸ್‌ಪಿ ಅಭ್ಯರ್ಥಿ ಗುರುಪ್ರಸಾದ್ ನಾಮಪತ್ರ ಸಲ್ಲಿಕೆ
ಗುಂಡ್ಲುಪೇಟೆ, ಏ.23- ಗುಂಡ್ಲುಪೇಟೆ ವಿಧಾನಸಭಾ ಕ್ಷೇತ್ರದ ಕಾಂಗ್ರೆಸ್ ಅಭ್ಯರ್ಥಿ ಗೀತಾಮಹದೇವಪ್ರಸಾದ್ ಹಾಗೂ ಜೆಡಿಎಸ್-ಬಿಎಸ್‌ಪಿ ಮೈತ್ರಿಕೂಟದ ಅಭ್ಯರ್ಥಿ ಗುರುಪ್ರಸಾದ್ ಅವರು ಸೋಮವಾರ ಚುನಾವಣಾಧಿಕಾರಿಗಳಿಗೆ ನಾಮಪತ್ರ ಸಲ್ಲಿಸಿದರು. ಸಾವಿರಾರು ಕಾರ್ಯಕರ್ತರೊಂದಿಗೆ ಮೆರವಣಿಗೆ ಮೂಲಕ ತಾಲ್ಲೂಕು ಕಚೇರಿಗೆ ಆಗಮಿಸಿ ನಾಮಪತ್ರ ಸಲ್ಲಿಸಿದರು. ಈ ಸಂದರ್ಭದಲ್ಲಿ ಸಂಸದ ಆರ್.ಧ್ರುವನಾರಾಯಣ್, ಮಾಜಿ ಶಾಸಕರು, ಪಕ್ಷದ ಜಿಲ್ಲಾ ಮುಖಂಡರು ಹಾಜರಿದ್ದರು. ನಂತರ ಪಟ್ಟಣದ ಮುಖ್ಯ ಬೀದಿಗಳಲ್ಲಿ ಮೆರವಣಿಗೆ ನಡೆಸಿ ಬಹಿರಂಗ ಸಭೆ ನಡೆಸಲಾಯಿತು. ಜೆಡಿಎಸ್ ಅಭ್ಯರ್ಥಿ ಗುರುಪ್ರಸಾದ್ ಅವರೊಂದಿಗೆ ಬಿಎಸ್‌ಪಿ ಜಿಲ್ಲಾಧ್ಯಕ್ಷರು ಹಾಗೂ ಮುಖಂಡರು ಆಗಮಿಸಿದ್ದರು.
ಗುಂಡ್ಲುಪೇಟೆ, ಏ.23- ಗುಂಡ್ಲುಪೇಟೆ ವಿಧಾನಸಭಾ ಕ್ಷೇತ್ರದ ಕಾಂಗ್ರೆಸ್ ಅಭ್ಯರ್ಥಿ ಗೀತಾಮಹದೇವಪ್ರಸಾದ್ ಹಾಗೂ ಜೆಡಿಎಸ್-ಬಿಎಸ್‌ಪಿ ಮೈತ್ರಿಕೂಟದ ಅಭ್ಯರ್ಥಿ ಗುರುಪ್ರಸಾದ್ ಅವರು ಸೋಮವಾರ ಚುನಾವಣಾಧಿಕಾರಿಗಳಿಗೆ ನಾಮಪತ್ರ ಸಲ್ಲಿಸಿದರು. ಸಾವಿರಾರು ಕಾರ್ಯಕರ್ತರೊಂದಿಗೆ ಮೆರವಣಿಗೆ ಮೂಲಕ ತಾಲ್ಲೂಕು ಕಚೇರಿಗೆ ಆಗಮಿಸಿ ನಾಮಪತ್ರ ಸಲ್ಲಿಸಿದರು. ಈ ಸಂದರ್ಭದಲ್ಲಿ ಸಂಸದ ಆರ್.ಧ್ರುವನಾರಾಯಣ್, ಮಾಜಿ ಶಾಸಕರು, ಪಕ್ಷದ ಜಿಲ್ಲಾ ಮುಖಂಡರು ಹಾಜರಿದ್ದರು. ನಂತರ ಪಟ್ಟಣದ ಮುಖ್ಯ ಬೀದಿಗಳಲ್ಲಿ ಮೆರವಣಿಗೆ ನಡೆಸಿ ಬಹಿರಂಗ ಸಭೆ ನಡೆಸಲಾಯಿತು. ಜೆಡಿಎಸ್ ಅಭ್ಯರ್ಥಿ ಗುರುಪ್ರಸಾದ್ ಅವರೊಂದಿಗೆ ಬಿಎಸ್‌ಪಿ ಜಿಲ್ಲಾಧ್ಯಕ್ಷರು ಹಾಗೂ ಮುಖಂಡರು ಆಗಮಿಸಿದ್ದರು.
ಪ್ರೆಸಿಡೆಂಟ್ ಹೋಟೆಲ್‌ನಲ್ಲಿ ಬಿಜೆಪಿ ಕಾರ್ಯಕರ್ತರ ದಾಂಧಲೆ
ಕಾರ್ಯಕರ್ತರನ್ನು ಸಮಾಧಾನಪಡಿಸಲು ಮುಂದಾದರು. ಈ ವೇಳೆ ಕುಪಿತಗೊಂಡ ಕಾರ್ಯಕರ್ತರು ಹೋಟೆಲ್‌ನ ಪೀಠೋಪಕರಣಗಳನ್ನು ಧ್ವಂಸಗೊಳಿಸಿದರು. ಮೈಸೂರಿನ ಪ್ರೆಸಿಡೆಂಟ್ ಹೋಟೆಲ್‌ನಲ್ಲಿ ತಂಗಿದ್ದ ಪಕ್ಷದ ರಾಜ್ಯ ಉಸ್ತುವಾರಿ ಮುರಳೀಧರ ರಾವ್ ಅವರನ್ನು ಭೇಟಿ ಮಾಡಲು ಬಂದಿದ್ದ ಕಾರ್ಯಕರ್ತರು ವಿಜಯೇಂದ್ರರಿಗೆ ಟಿಕೆಟ್ ನೀಡುವಂತೆ ಒತ್ತಾಯಿಸಿದರು. ಯಡಿಯೂರಪ್ಪ ಅವರು ಸ್ಥಳಕ್ಕೆ ಆಗಮಿಸಿ ಕಾರ್ಯಕರ್ತರನ್ನು ಸಮಾಧಾನಪಡಿಸಲು ಯತ್ನಿಸಿದರು. ಆದರೆ ಕಾರ್ಯಕರ್ತರು ಪಟ್ಟು ಬಿಡದೆ ಘೋಷಣೆ ಕೂಗಿದರು. ಪೊಲೀಸರು ಲಘು ಲಾಠಿ ಪ್ರಹಾರ ನಡೆಸಿ ಗುಂಪನ್ನು ಚದುರಿಸಿದರು. ಹೋಟೆಲ್‌ನ ಗಾಜಿನ ಬಾಗಿಲುಗಳು, ಕುರ್ಚಿಗಳು ಹಾನಿಗೀಡಾಗಿವೆ. ಘಟನೆಯಿಂದ ಕೆಲಕಾಲ ಉದ್ವಿಗ್ನ ವಾತಾವರಣ ನಿರ್ಮಾಣವಾಗಿತ್ತು. ಪಕ್ಷದ ಕೇಂದ್ರ ನಾಯಕರು ಕೈಗೊಂಡ ನಿರ್ಧಾರವನ್ನು ಎಲ್ಲರೂ ಒಪ್ಪಿಕೊಳ್ಳಬೇಕು ಎಂದು ಯಡಿಯೂರಪ್ಪ ಮನವಿ ಮಾಡಿದರು. ವರುಣಾ ಕ್ಷೇತ್ರದಲ್ಲಿ ಪಕ್ಷದ ಅಭ್ಯರ್ಥಿ ಗೆಲುವಿಗೆ ಎಲ್ಲರೂ ಶ್ರಮಿಸಬೇಕು ಎಂದರು. ಕಾರ್ಯಕರ್ತರ ಗದ್ದಲದಿಂದಾಗಿ ಹೋಟೆಲ್ ಸುತ್ತಮುತ್ತ ಪೊಲೀಸ್ ಬಿಗಿ ಬಂದೋಬಸ್ತ್ ಏರ್ಪಡಿಸಲಾಗಿತ್ತು. ಘಟನೆ ಸಂಬಂಧ ಪ್ರಕರಣ ದಾಖಲಾಗಿದೆ.
ಯಡಿಯೂರಪ್ಪ ಜೊತೆ ಜಾವ್ಡೇಕರ್, ಮುರಳೀಧರ್ ರಾವ್ ಮಾತುಕತೆ
ಮೈಸೂರು,ಏ.23(ಎಸ್‌ಬಿಎಸ್)-ರಾಜ್ಯದಲ್ಲಿ ಚುನಾವಣಾ ಉಸ್ತುವಾರಿ ಹಾಗೂ ಕೇಂದ್ರ ಸಚಿವ ಪ್ರಕಾಶ್ ಜಾವ್ಡೇಕರ್ ಹಾಗೂ ಕರ್ನಾಟಕ ಉಸ್ತುವಾರಿ ಮುರಳೀಧರ್ ರಾವ್ ಅವರು ಇಂದು ರಾತ್ರಿ ಮೈಸೂರಿಗೆ ಆಗಮಿಸಿದ್ದಾರೆ. ವರುಣಾ ಕ್ಷೇತ್ರದ ಟಿಕೆಟ್ ವಿವಾದದ ಹಿನ್ನೆಲೆಯಲ್ಲಿ ಯಡಿಯೂರಪ್ಪ ಅವರೊಂದಿಗೆ ಮಾತುಕತೆ ನಡೆಸಿದ್ದಾರೆ.
